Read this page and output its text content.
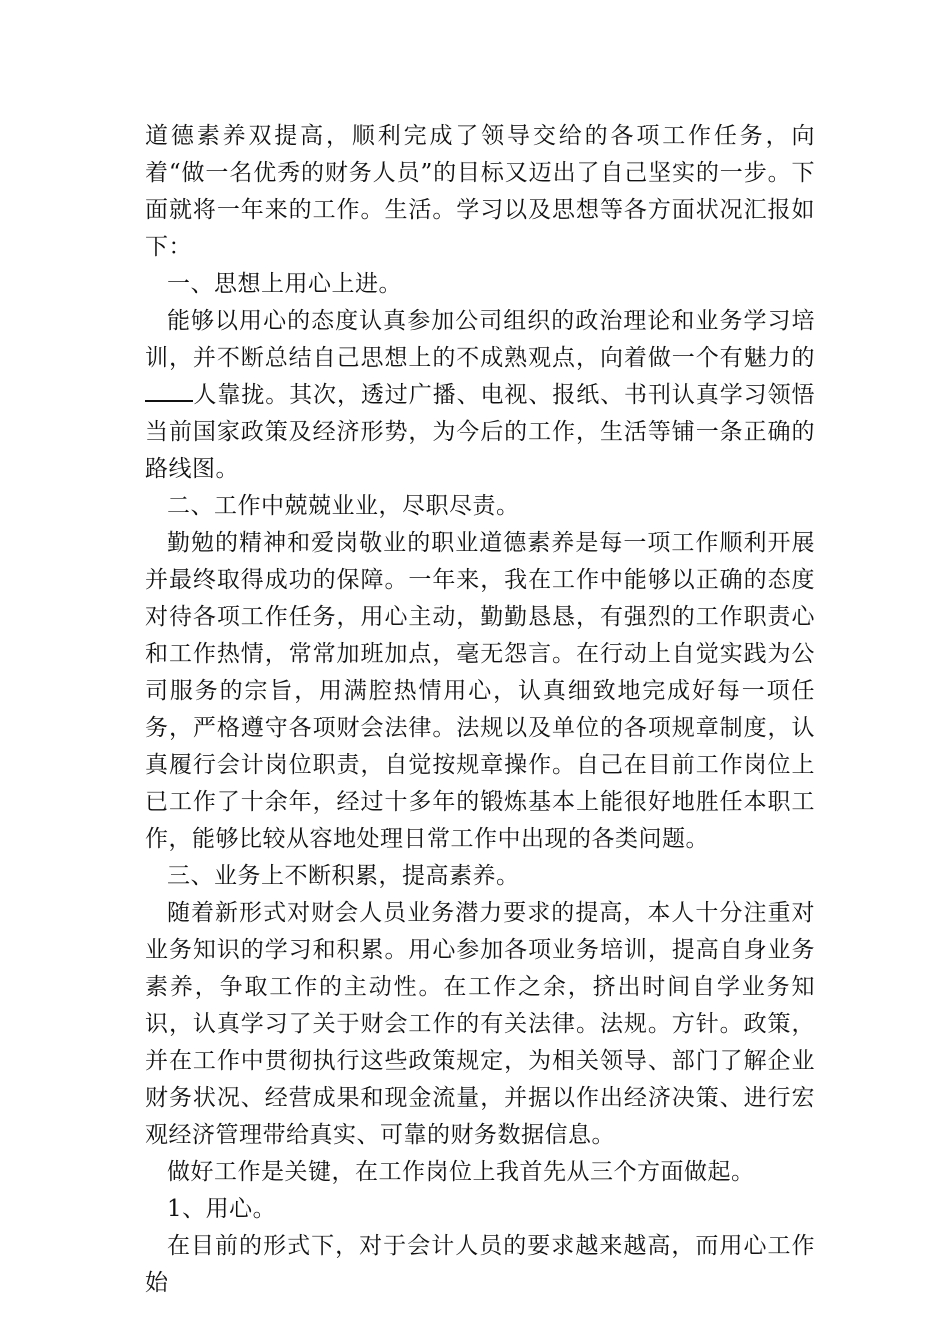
道德素养双提高，顺利完成了领导交给的各项工作任务，向着“做一名优秀的财务人员”的目标又迈出了自己坚实的一步。下面就将一年来的工作。生活。学习以及思想等各方面状况汇报如下：

一、思想上用心上进。

能够以用心的态度认真参加公司组织的政治理论和业务学习培训，并不断总结自己思想上的不成熟观点，向着做一个有魅力的人靠拢。其次，透过广播、电视、报纸、书刊认真学习领悟当前国家政策及经济形势，为今后的工作，生活等铺一条正确的路线图。

二、工作中兢兢业业，尽职尽责。

勤勉的精神和爱岗敬业的职业道德素养是每一项工作顺利开展并最终取得成功的保障。一年来，我在工作中能够以正确的态度对待各项工作任务，用心主动，勤勤恳恳，有强烈的工作职责心和工作热情，常常加班加点，毫无怨言。在行动上自觉实践为公司服务的宗旨，用满腔热情用心，认真细致地完成好每一项任务，严格遵守各项财会法律。法规以及单位的各项规章制度，认真履行会计岗位职责，自觉按规章操作。自己在目前工作岗位上已工作了十余年，经过十多年的锻炼基本上能很好地胜任本职工作，能够比较从容地处理日常工作中出现的各类问题。

三、业务上不断积累，提高素养。

随着新形式对财会人员业务潜力要求的提高，本人十分注重对业务知识的学习和积累。用心参加各项业务培训，提高自身业务素养，争取工作的主动性。在工作之余，挤出时间自学业务知识，认真学习了关于财会工作的有关法律。法规。方针。政策，并在工作中贯彻执行这些政策规定，为相关领导、部门了解企业财务状况、经营成果和现金流量，并据以作出经济决策、进行宏观经济管理带给真实、可靠的财务数据信息。

做好工作是关键，在工作岗位上我首先从三个方面做起。

1、用心。

在目前的形式下，对于会计人员的要求越来越高，而用心工作始
